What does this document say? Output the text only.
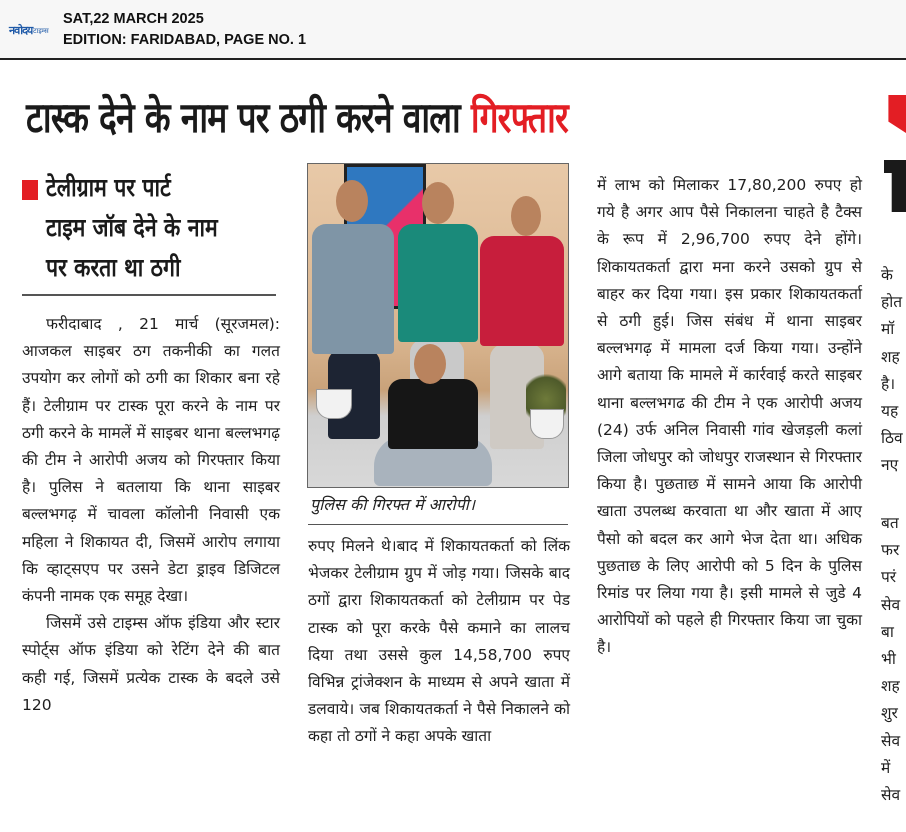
नवोदय टाइम्स
SAT,22 MARCH 2025
EDITION: FARIDABAD, PAGE NO. 1
टास्क देने के नाम पर ठगी करने वाला गिरफ्तार
टेलीग्राम पर पार्ट
टाइम जॉब देने के नाम
पर करता था ठगी

फरीदाबाद , 21 मार्च (सूरजमल): आजकल साइबर ठग तकनीकी का गलत उपयोग कर लोगों को ठगी का शिकार बना रहे हैं। टेलीग्राम पर टास्क पूरा करने के नाम पर ठगी करने के मामलें में साइबर थाना बल्लभगढ़ की टीम ने आरोपी अजय को गिरफ्तार किया है। पुलिस ने बतलाया कि थाना साइबर बल्लभगढ़ में चावला कॉलोनी निवासी एक महिला ने शिकायत दी, जिसमें आरोप लगाया कि व्हाट्सएप पर उसने डेटा ड्राइव डिजिटल कंपनी नामक एक समूह देखा।

जिसमें उसे टाइम्स ऑफ इंडिया और स्टार स्पोर्ट्स ऑफ इंडिया को रेटिंग देने की बात कही गई, जिसमें प्रत्येक टास्क के बदले उसे 120

पुलिस की गिरफ्त में आरोपी।

रुपए मिलने थे।बाद में शिकायतकर्ता को लिंक भेजकर टेलीग्राम ग्रुप में जोड़ गया। जिसके बाद ठगों द्वारा शिकायतकर्ता को टेलीग्राम पर पेड टास्क को पूरा करके पैसे कमाने का लालच दिया तथा उससे कुल 14,58,700 रुपए विभिन्न ट्रांजेक्शन के माध्यम से अपने खाता में डलवाये। जब शिकायतकर्ता ने पैसे निकालने को कहा तो ठगों ने कहा अपके खाता

में लाभ को मिलाकर 17,80,200 रुपए हो गये है अगर आप पैसे निकालना चाहते है टैक्स के रूप में 2,96,700 रुपए देने होंगे। शिकायतकर्ता द्वारा मना करने उसको ग्रुप से बाहर कर दिया गया। इस प्रकार शिकायतकर्ता से ठगी हुई। जिस संबंध में थाना साइबर बल्लभगढ़ में मामला दर्ज किया गया। उन्होंने आगे बताया कि मामले में कार्रवाई करते साइबर थाना बल्लभगढ की टीम ने एक आरोपी अजय (24) उर्फ अनिल निवासी गांव खेजड़ली कलां जिला जोधपुर को जोधपुर राजस्थान से गिरफ्तार किया है। पुछताछ में सामने आया कि आरोपी खाता उपलब्ध करवाता था और खाता में आए पैसो को बदल कर आगे भेज देता था। अधिक पुछताछ के लिए आरोपी को 5 दिन के पुलिस रिमांड पर लिया गया है। इसी मामले से जुडे 4 आरोपियों को पहले ही गिरफ्तार किया जा चुका है।

के
होत
मॉ
शह
है।
यह
ठिव
नए
बत
फर
परं
सेव
बा
भी
शह
शुर
सेव
में
सेव
